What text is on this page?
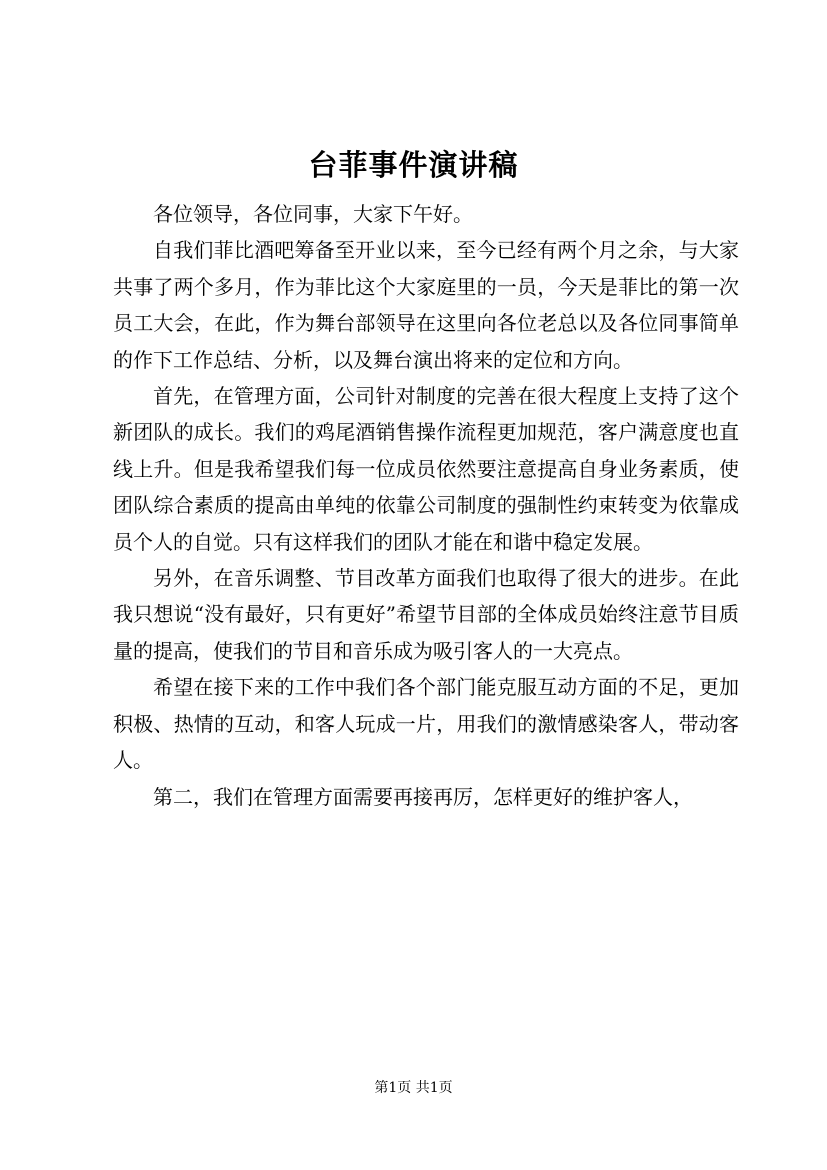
台菲事件演讲稿

各位领导，各位同事，大家下午好。

自我们菲比酒吧筹备至开业以来，至今已经有两个月之余，与大家共事了两个多月，作为菲比这个大家庭里的一员，今天是菲比的第一次员工大会，在此，作为舞台部领导在这里向各位老总以及各位同事简单的作下工作总结、分析，以及舞台演出将来的定位和方向。

首先，在管理方面，公司针对制度的完善在很大程度上支持了这个新团队的成长。我们的鸡尾酒销售操作流程更加规范，客户满意度也直线上升。但是我希望我们每一位成员依然要注意提高自身业务素质，使团队综合素质的提高由单纯的依靠公司制度的强制性约束转变为依靠成员个人的自觉。只有这样我们的团队才能在和谐中稳定发展。

另外，在音乐调整、节目改革方面我们也取得了很大的进步。在此我只想说“没有最好，只有更好”希望节目部的全体成员始终注意节目质量的提高，使我们的节目和音乐成为吸引客人的一大亮点。

希望在接下来的工作中我们各个部门能克服互动方面的不足，更加积极、热情的互动，和客人玩成一片，用我们的激情感染客人，带动客人。

第二，我们在管理方面需要再接再厉，怎样更好的维护客人，

第1页 共1页
